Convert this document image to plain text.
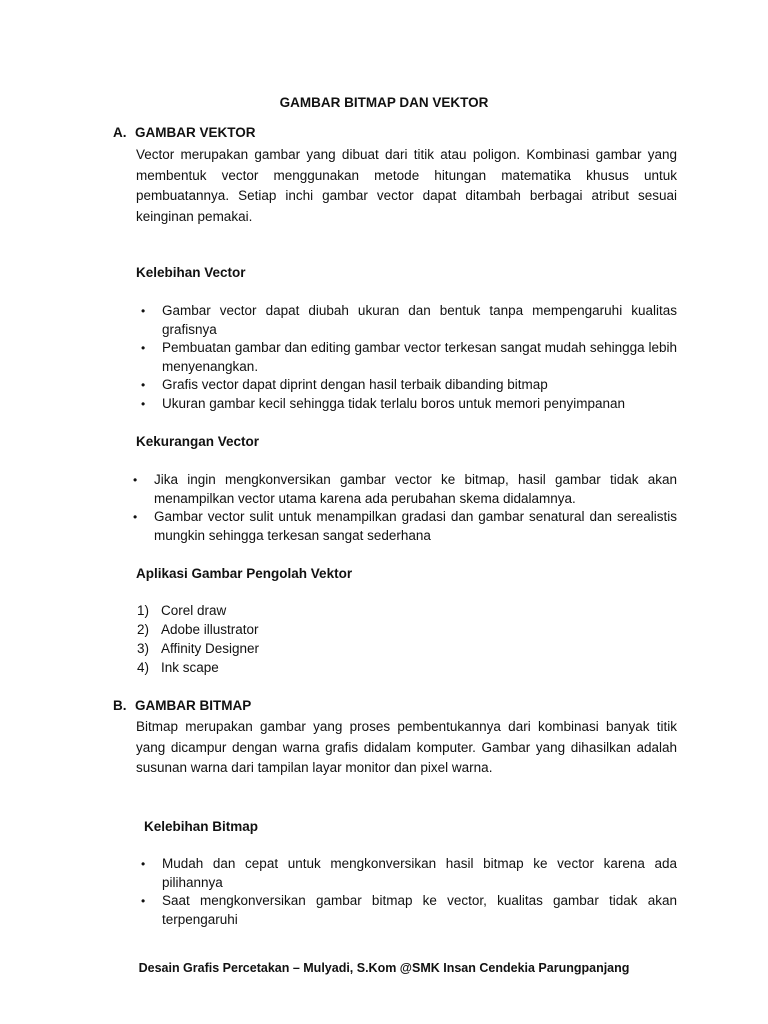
GAMBAR BITMAP DAN VEKTOR
A. GAMBAR VEKTOR

Vector merupakan gambar yang dibuat dari titik atau poligon. Kombinasi gambar yang membentuk vector menggunakan metode hitungan matematika khusus untuk pembuatannya. Setiap inchi gambar vector dapat ditambah berbagai atribut sesuai keinginan pemakai.

Kelebihan Vector
• Gambar vector dapat diubah ukuran dan bentuk tanpa mempengaruhi kualitas grafisnya
• Pembuatan gambar dan editing gambar vector terkesan sangat mudah sehingga lebih menyenangkan.
• Grafis vector dapat diprint dengan hasil terbaik dibanding bitmap
• Ukuran gambar kecil sehingga tidak terlalu boros untuk memori penyimpanan
Kekurangan Vector
• Jika ingin mengkonversikan gambar vector ke bitmap, hasil gambar tidak akan menampilkan vector utama karena ada perubahan skema didalamnya.
• Gambar vector sulit untuk menampilkan gradasi dan gambar senatural dan serealistis mungkin sehingga terkesan sangat sederhana
Aplikasi Gambar Pengolah Vektor
1) Corel draw
2) Adobe illustrator
3) Affinity Designer
4) Ink scape
B. GAMBAR BITMAP

Bitmap merupakan gambar yang proses pembentukannya dari kombinasi banyak titik yang dicampur dengan warna grafis didalam komputer. Gambar yang dihasilkan adalah susunan warna dari tampilan layar monitor dan pixel warna.

Kelebihan Bitmap
• Mudah dan cepat untuk mengkonversikan hasil bitmap ke vector karena ada pilihannya
• Saat mengkonversikan gambar bitmap ke vector, kualitas gambar tidak akan terpengaruhi
Desain Grafis Percetakan – Mulyadi, S.Kom @SMK Insan Cendekia Parungpanjang
